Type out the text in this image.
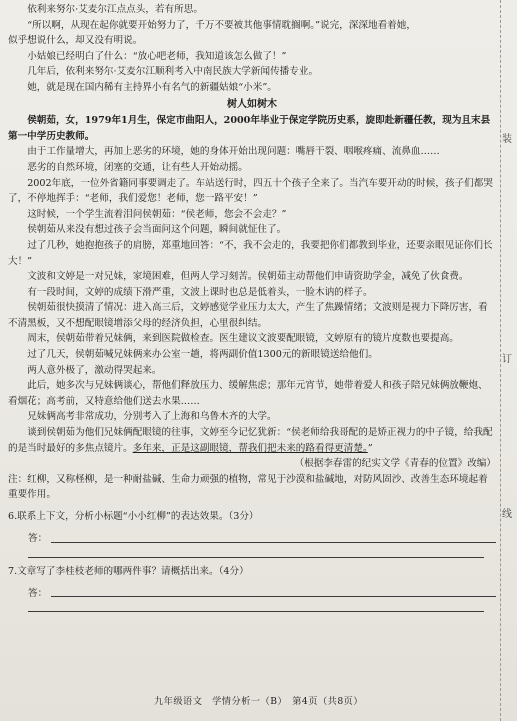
装
订
线

依利来努尔·艾麦尔江点点头，若有所思。

“所以啊，从现在起你就要开始努力了，千万不要被其他事情耽搁啊。”说完，深深地看着她，

似乎想说什么，却又没有明说。

小姑娘已经明白了什么：“放心吧老师，我知道该怎么做了！”

几年后，依利来努尔·艾麦尔江顺利考入中南民族大学新闻传播专业。

她，就是现在国内稀有主持界小有名气的新疆姑娘“小米”。

树人如树木

侯朝茹，女，1979年1月生，保定市曲阳人，2000年毕业于保定学院历史系，旋即赴新疆任教，现为且末县第一中学历史教师。

由于工作量增大，再加上恶劣的环境，她的身体开始出现问题：嘴唇干裂、咽喉疼痛、流鼻血……

恶劣的自然环境，闭塞的交通，让有些人开始动摇。

2002年底，一位外省籍同事要调走了。车站送行时，四五十个孩子全来了。当汽车要开动的时候，孩子们都哭了，不停地挥手：“老师，我们爱您！老师，您一路平安！”

这时候，一个学生流着泪问侯朝茹：“侯老师，您会不会走？”

侯朝茹从来没有想过孩子会当面问这个问题，瞬间就怔住了。

过了几秒，她抱抱孩子的肩膀，郑重地回答：“不，我不会走的，我要把你们都教到毕业，还要亲眼见证你们长大！”

文波和文婷是一对兄妹，家境困难，但两人学习刻苦。侯朝茹主动帮他们申请资助学金，减免了伙食费。

有一段时间，文婷的成绩下滑严重，文波上课时也总是低着头，一脸木讷的样子。

侯朝茹很快摸清了情况：进入高三后，文婷感觉学业压力太大，产生了焦躁情绪；文波则是视力下降厉害，看不清黑板，又不想配眼镜增添父母的经济负担，心里很纠结。

周末，侯朝茹带着兄妹俩，来到医院做检查。医生建议文波要配眼镜，文婷原有的镜片度数也要提高。

过了几天，侯朝茹喊兄妹俩来办公室一趟，将两副价值1300元的新眼镜送给他们。

两人意外极了，激动得哭起来。

此后，她多次与兄妹俩谈心，帮他们释放压力、缓解焦虑；那年元宵节，她带着爱人和孩子陪兄妹俩放鞭炮、看烟花；高考前，又特意给他们送去水果……

兄妹俩高考非常成功，分别考入了上海和乌鲁木齐的大学。

谈到侯朝茹为他们兄妹俩配眼镜的往事，文婷至今记忆犹新：“侯老师给我哥配的是矫正视力的中子镜，给我配的是当时最好的多焦点镜片。多年来，正是这副眼镜，帮我们把未来的路看得更清楚。”

（根据李春雷的纪实文学《青春的位置》改编）

注：红柳，又称柽柳，是一种耐盐碱、生命力顽强的植物，常见于沙漠和盐碱地，对防风固沙、改善生态环境起着重要作用。

6.联系上下文，分析小标题“小小红柳”的表达效果。（3分）

答：

7.文章写了李桂枝老师的哪两件事？请概括出来。（4分）

答：
九年级语文　学情分析一（B）　第4页（共8页）
